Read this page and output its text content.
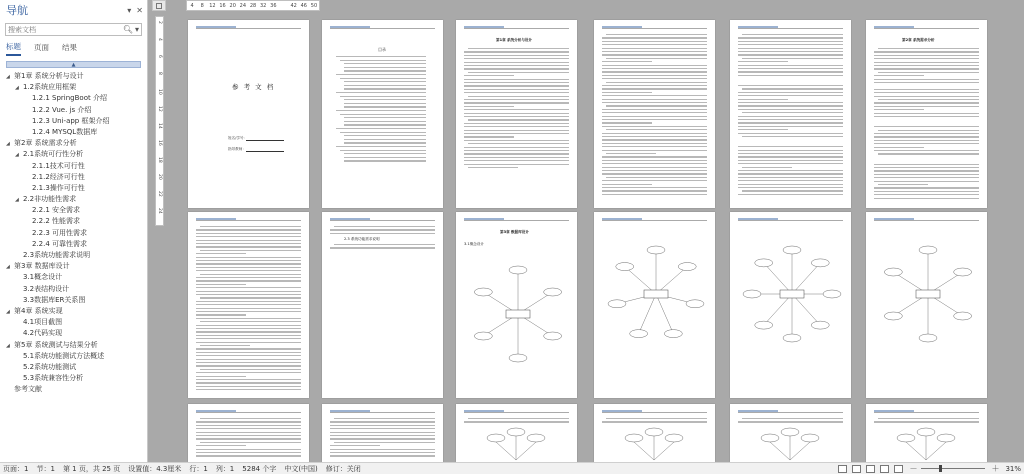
导航	▾ ✕
搜索文档
🔍︎ ▾
标题 页面 结果
▲
◢ 第1章 系统分析与设计
◢ 1.2系统应用框架
1.2.1 SpringBoot 介绍
1.2.2 Vue. js 介绍
1.2.3 Uni-app 框架介绍
1.2.4 MYSQL数据库
◢ 第2章 系统需求分析
◢ 2.1系统可行性分析
2.1.1技术可行性
2.1.2经济可行性
2.1.3操作可行性
◢ 2.2非功能性需求
2.2.1 安全需求
2.2.2 性能需求
2.2.3 可用性需求
2.2.4 可靠性需求
2.3系统功能需求说明
◢ 第3章 数据库设计
3.1概念设计
3.2表结构设计
3.3数据库ER关系图
◢ 第4章 系统实现
4.1项目截图
4.2代码实现
◢ 第5章 系统测试与结果分析
5.1系统功能测试方法概述
5.2系统功能测试
5.3系统兼容性分析
参考文献
4	8	12 16 20 24 28 32 36	42 46 50
2
4
6
8
10
12
14
16
18
20
22
24
参 考 文 档
姓名/学号：
指导教师：
目录
第1章 系统分析与设计	第2章 系统需求分析
2.3 系统功能需求说明
第3章 数据库设计
3.1概念设计
页面：1 节：1 第 1 页，共 25 页 设置值：4.3厘米 行：1 列：1 5284 个字 中文(中国) 修订：关闭	－	＋ 31%
